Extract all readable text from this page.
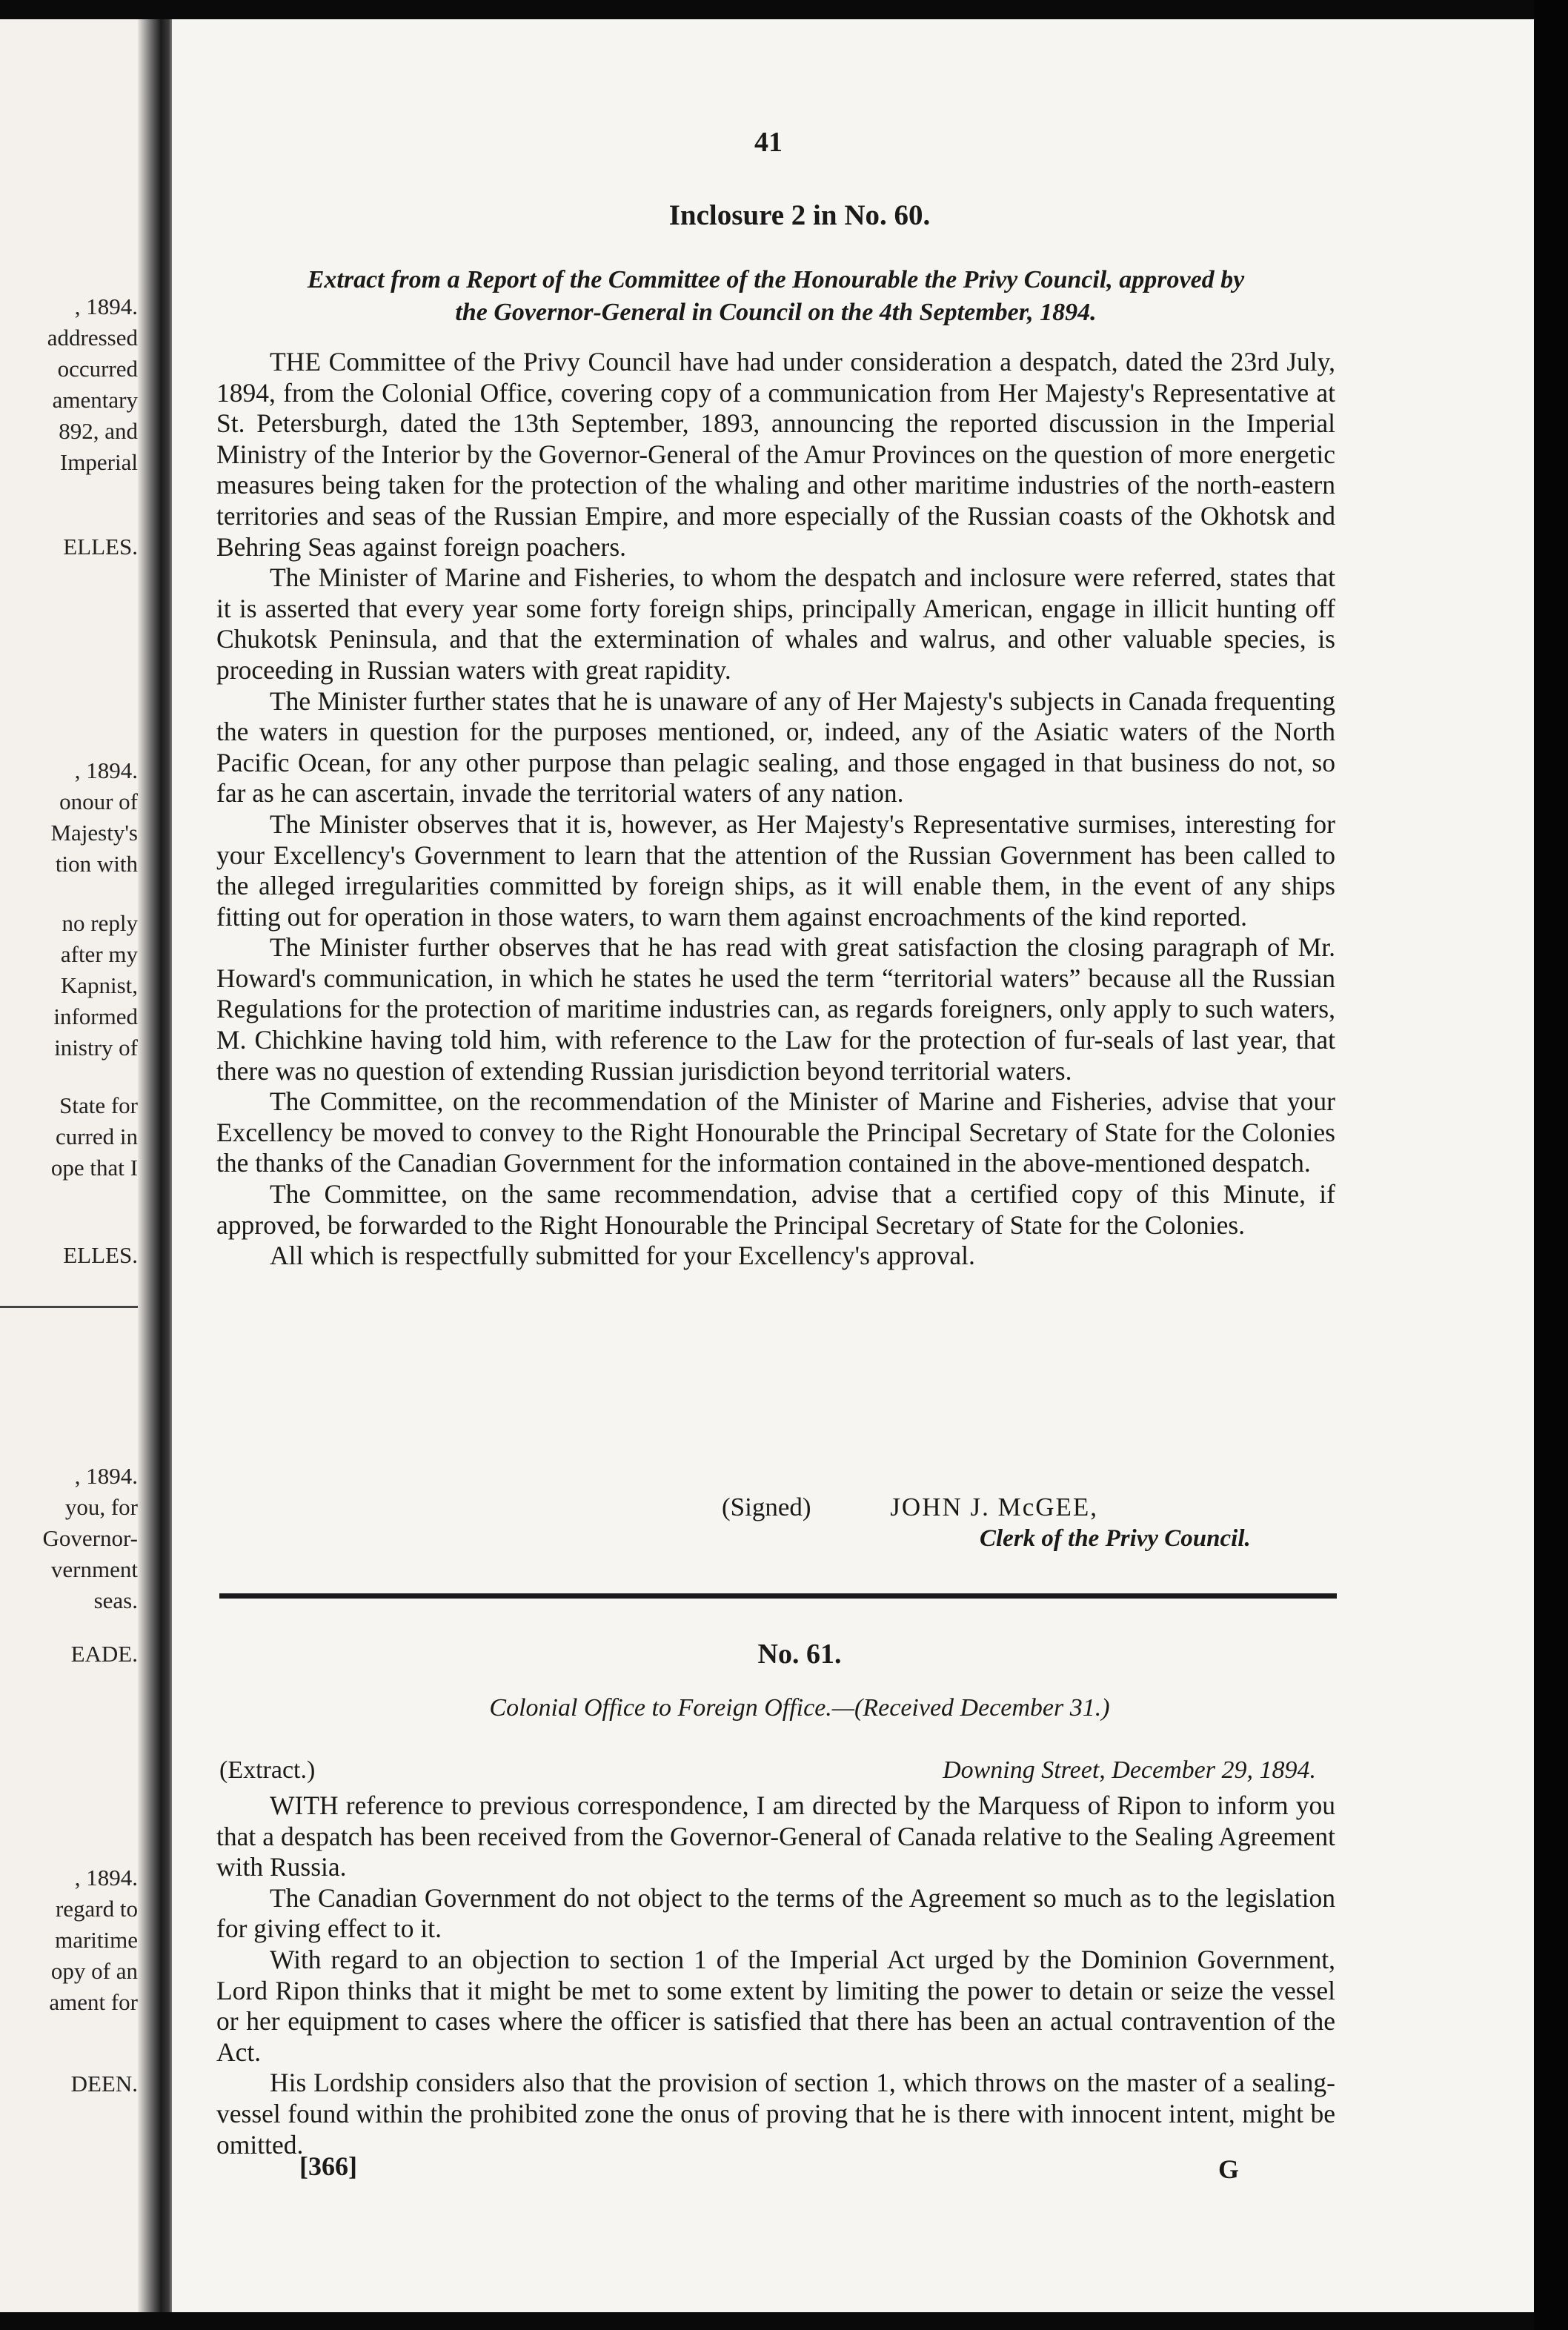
, 1894.
addressed
occurred
amentary
892, and
Imperial
ELLES.
, 1894.
onour of
Majesty's
tion with
no reply
after my
Kapnist,
informed
inistry of
State for
curred in
ope that I
ELLES.
, 1894.
you, for
Governor-
vernment
seas.
EADE.
, 1894.
regard to
maritime
opy of an
ament for
DEEN.
41
Inclosure 2 in No. 60.
Extract from a Report of the Committee of the Honourable the Privy Council, approved by
the Governor-General in Council on the 4th September, 1894.

THE Committee of the Privy Council have had under consideration a despatch, dated the 23rd July, 1894, from the Colonial Office, covering copy of a communication from Her Majesty's Representative at St. Petersburgh, dated the 13th September, 1893, announcing the reported discussion in the Imperial Ministry of the Interior by the Governor-General of the Amur Provinces on the question of more energetic measures being taken for the protection of the whaling and other maritime industries of the north-eastern territories and seas of the Russian Empire, and more especially of the Russian coasts of the Okhotsk and Behring Seas against foreign poachers.

The Minister of Marine and Fisheries, to whom the despatch and inclosure were referred, states that it is asserted that every year some forty foreign ships, principally American, engage in illicit hunting off Chukotsk Peninsula, and that the extermination of whales and walrus, and other valuable species, is proceeding in Russian waters with great rapidity.

The Minister further states that he is unaware of any of Her Majesty's subjects in Canada frequenting the waters in question for the purposes mentioned, or, indeed, any of the Asiatic waters of the North Pacific Ocean, for any other purpose than pelagic sealing, and those engaged in that business do not, so far as he can ascertain, invade the territorial waters of any nation.

The Minister observes that it is, however, as Her Majesty's Representative surmises, interesting for your Excellency's Government to learn that the attention of the Russian Government has been called to the alleged irregularities committed by foreign ships, as it will enable them, in the event of any ships fitting out for operation in those waters, to warn them against encroachments of the kind reported.

The Minister further observes that he has read with great satisfaction the closing paragraph of Mr. Howard's communication, in which he states he used the term “territorial waters” because all the Russian Regulations for the protection of maritime industries can, as regards foreigners, only apply to such waters, M. Chichkine having told him, with reference to the Law for the protection of fur-seals of last year, that there was no question of extending Russian jurisdiction beyond territorial waters.

The Committee, on the recommendation of the Minister of Marine and Fisheries, advise that your Excellency be moved to convey to the Right Honourable the Principal Secretary of State for the Colonies the thanks of the Canadian Government for the information contained in the above-mentioned despatch.

The Committee, on the same recommendation, advise that a certified copy of this Minute, if approved, be forwarded to the Right Honourable the Principal Secretary of State for the Colonies.

All which is respectfully submitted for your Excellency's approval.

(Signed)	JOHN J. McGEE,
Clerk of the Privy Council.
No. 61.
Colonial Office to Foreign Office.—(Received December 31.)
(Extract.)	Downing Street, December 29, 1894.

WITH reference to previous correspondence, I am directed by the Marquess of Ripon to inform you that a despatch has been received from the Governor-General of Canada relative to the Sealing Agreement with Russia.

The Canadian Government do not object to the terms of the Agreement so much as to the legislation for giving effect to it.

With regard to an objection to section 1 of the Imperial Act urged by the Dominion Government, Lord Ripon thinks that it might be met to some extent by limiting the power to detain or seize the vessel or her equipment to cases where the officer is satisfied that there has been an actual contravention of the Act.

His Lordship considers also that the provision of section 1, which throws on the master of a sealing-vessel found within the prohibited zone the onus of proving that he is there with innocent intent, might be omitted.

[366]	G
